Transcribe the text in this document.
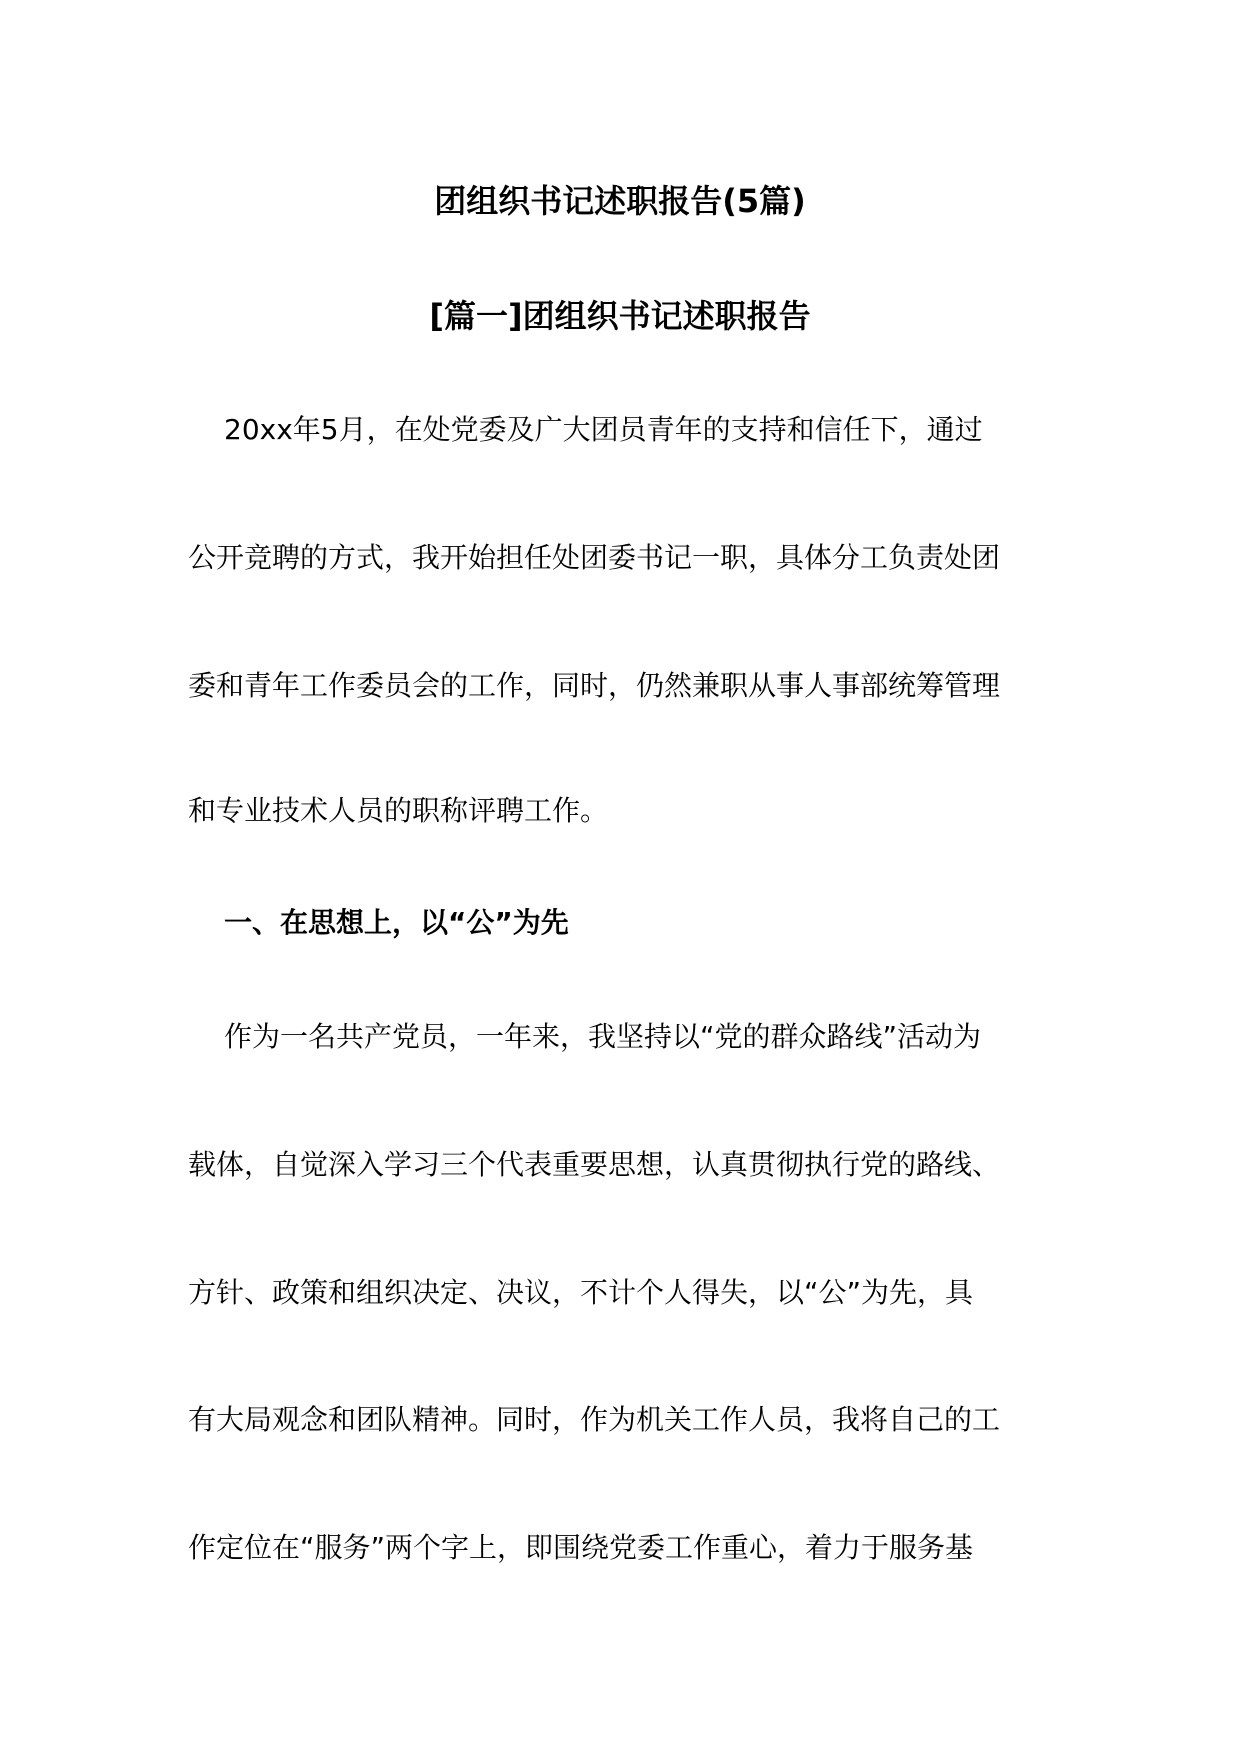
团组织书记述职报告(5篇)
[篇一]团组织书记述职报告
20xx年5月，在处党委及广大团员青年的支持和信任下，通过
公开竞聘的方式，我开始担任处团委书记一职，具体分工负责处团
委和青年工作委员会的工作，同时，仍然兼职从事人事部统筹管理
和专业技术人员的职称评聘工作。
一、在思想上，以“公”为先
作为一名共产党员，一年来，我坚持以“党的群众路线”活动为
载体，自觉深入学习三个代表重要思想，认真贯彻执行党的路线、
方针、政策和组织决定、决议，不计个人得失，以“公”为先，具
有大局观念和团队精神。同时，作为机关工作人员，我将自己的工
作定位在“服务”两个字上，即围绕党委工作重心，着力于服务基
